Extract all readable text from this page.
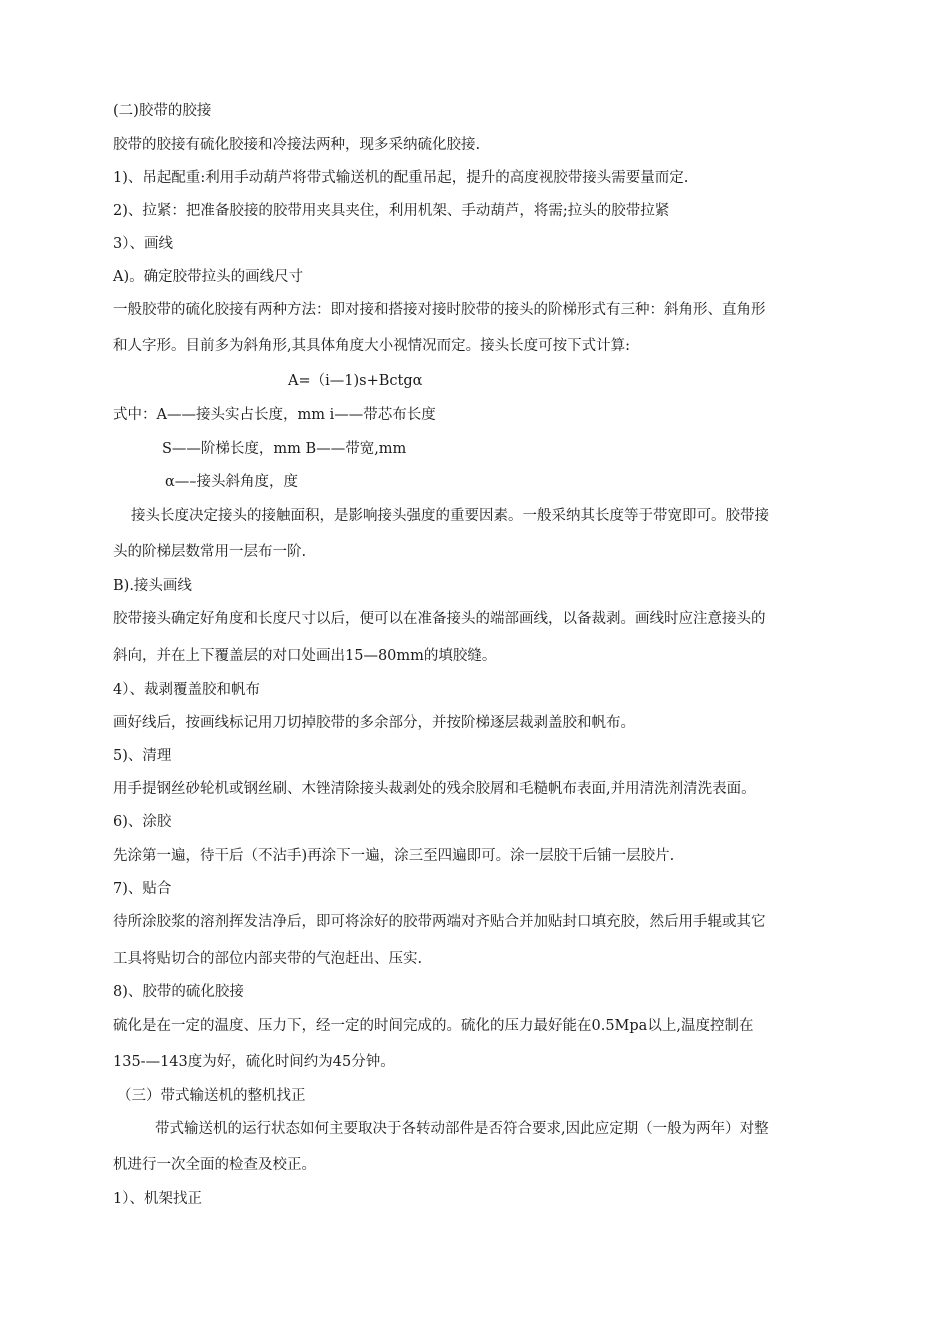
(二)胶带的胶接
胶带的胶接有硫化胶接和冷接法两种，现多采纳硫化胶接.
1)、吊起配重:利用手动葫芦将带式输送机的配重吊起，提升的高度视胶带接头需要量而定.
2)、拉紧：把准备胶接的胶带用夹具夹住，利用机架、手动葫芦，将需;拉头的胶带拉紧
3）、画线
A)。确定胶带拉头的画线尺寸
一般胶带的硫化胶接有两种方法：即对接和搭接对接时胶带的接头的阶梯形式有三种：斜角形、直角形
和人字形。目前多为斜角形,其具体角度大小视情况而定。接头长度可按下式计算:
A=（i—1)s+Bctgα
式中：A——接头实占长度，mm i——带芯布长度
S——阶梯长度，mm B——带宽,mm
α—–接头斜角度，度
接头长度决定接头的接触面积，是影响接头强度的重要因素。一般采纳其长度等于带宽即可。胶带接
头的阶梯层数常用一层布一阶.
B).接头画线
胶带接头确定好角度和长度尺寸以后，便可以在准备接头的端部画线，以备裁剥。画线时应注意接头的
斜向，并在上下覆盖层的对口处画出15—80mm的填胶缝。
4）、裁剥覆盖胶和帆布
画好线后，按画线标记用刀切掉胶带的多余部分，并按阶梯逐层裁剥盖胶和帆布。
5)、清理
用手提钢丝砂轮机或钢丝刷、木锉清除接头裁剥处的残余胶屑和毛糙帆布表面,并用清洗剂清洗表面。
6)、涂胶
先涂第一遍，待干后（不沾手)再涂下一遍，涂三至四遍即可。涂一层胶干后铺一层胶片.
7)、贴合
待所涂胶浆的溶剂挥发洁净后，即可将涂好的胶带两端对齐贴合并加贴封口填充胶，然后用手辊或其它
工具将贴切合的部位内部夹带的气泡赶出、压实.
8)、胶带的硫化胶接
硫化是在一定的温度、压力下，经一定的时间完成的。硫化的压力最好能在0.5Mpa以上,温度控制在
135-—143度为好，硫化时间约为45分钟。
（三）带式输送机的整机找正
带式输送机的运行状态如何主要取决于各转动部件是否符合要求,因此应定期（一般为两年）对整
机进行一次全面的检查及校正。
1）、机架找正
